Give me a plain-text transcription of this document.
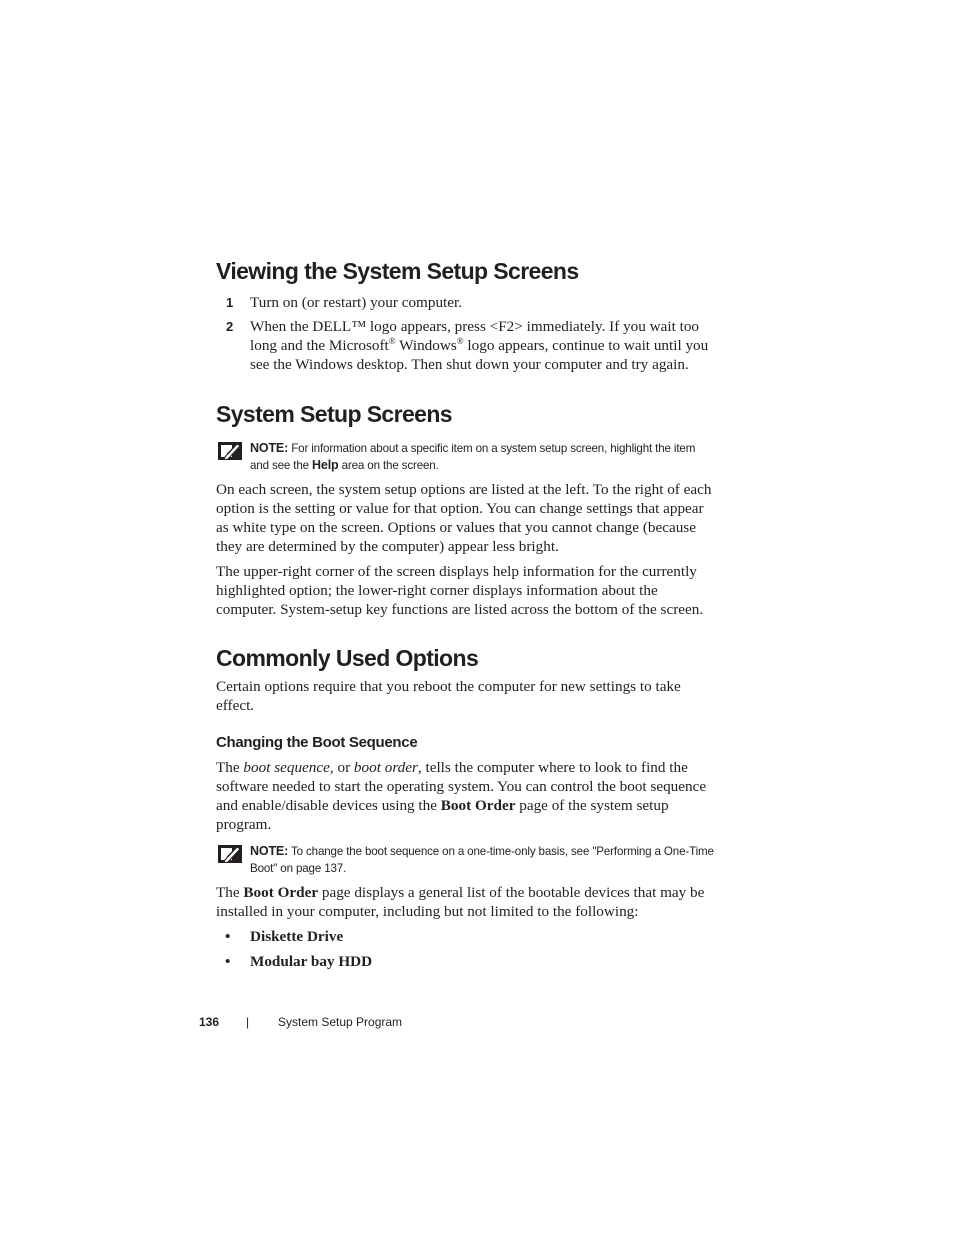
Viewing the System Setup Screens
1 Turn on (or restart) your computer.
2 When the DELL™ logo appears, press <F2> immediately. If you wait too long and the Microsoft® Windows® logo appears, continue to wait until you see the Windows desktop. Then shut down your computer and try again.
System Setup Screens
NOTE: For information about a specific item on a system setup screen, highlight the item and see the Help area on the screen.

On each screen, the system setup options are listed at the left. To the right of each option is the setting or value for that option. You can change settings that appear as white type on the screen. Options or values that you cannot change (because they are determined by the computer) appear less bright.

The upper-right corner of the screen displays help information for the currently highlighted option; the lower-right corner displays information about the computer. System-setup key functions are listed across the bottom of the screen.

Commonly Used Options

Certain options require that you reboot the computer for new settings to take effect.

Changing the Boot Sequence

The boot sequence, or boot order, tells the computer where to look to find the software needed to start the operating system. You can control the boot sequence and enable/disable devices using the Boot Order page of the system setup program.

NOTE: To change the boot sequence on a one-time-only basis, see "Performing a One-Time Boot" on page 137.

The Boot Order page displays a general list of the bootable devices that may be installed in your computer, including but not limited to the following:

• Diskette Drive
• Modular bay HDD
136 | System Setup Program
